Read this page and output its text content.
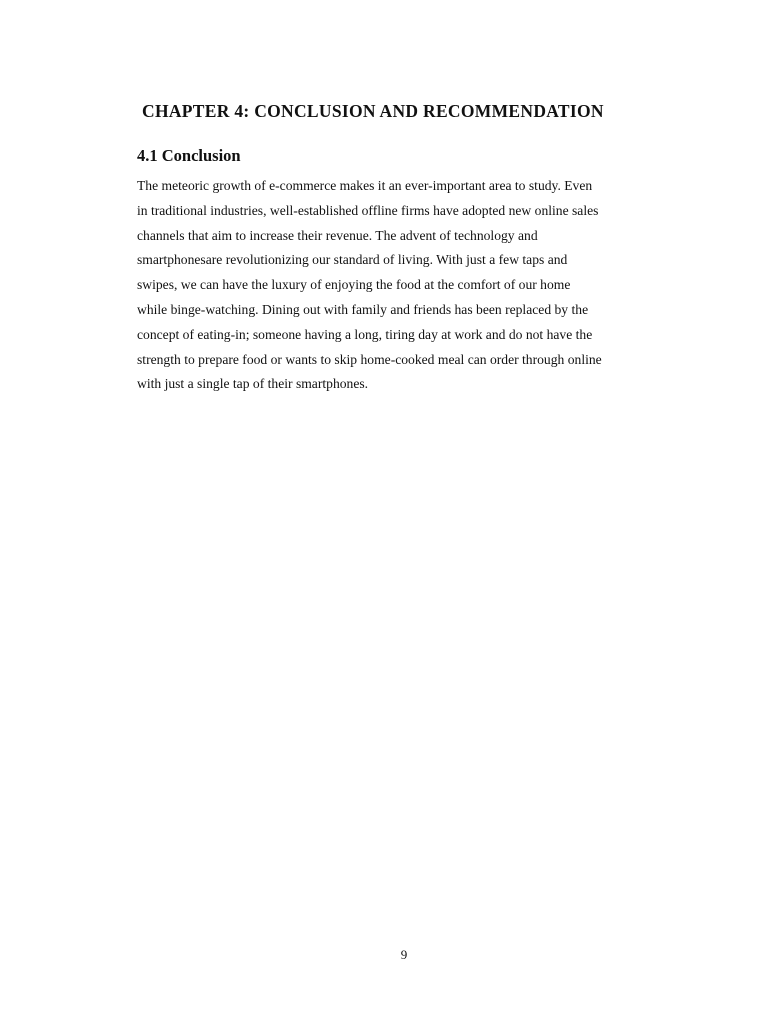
CHAPTER 4: CONCLUSION AND RECOMMENDATION
4.1 Conclusion
The meteoric growth of e-commerce makes it an ever-important area to study. Even
in traditional industries, well-established offline firms have adopted new online sales
channels that aim to increase their revenue. The advent of technology and
smartphonesare revolutionizing our standard of living. With just a few taps and
swipes, we can have the luxury of enjoying the food at the comfort of our home
while binge-watching. Dining out with family and friends has been replaced by the
concept of eating-in; someone having a long, tiring day at work and do not have the
strength to prepare food or wants to skip home-cooked meal can order through online
with just a single tap of their smartphones.
9
